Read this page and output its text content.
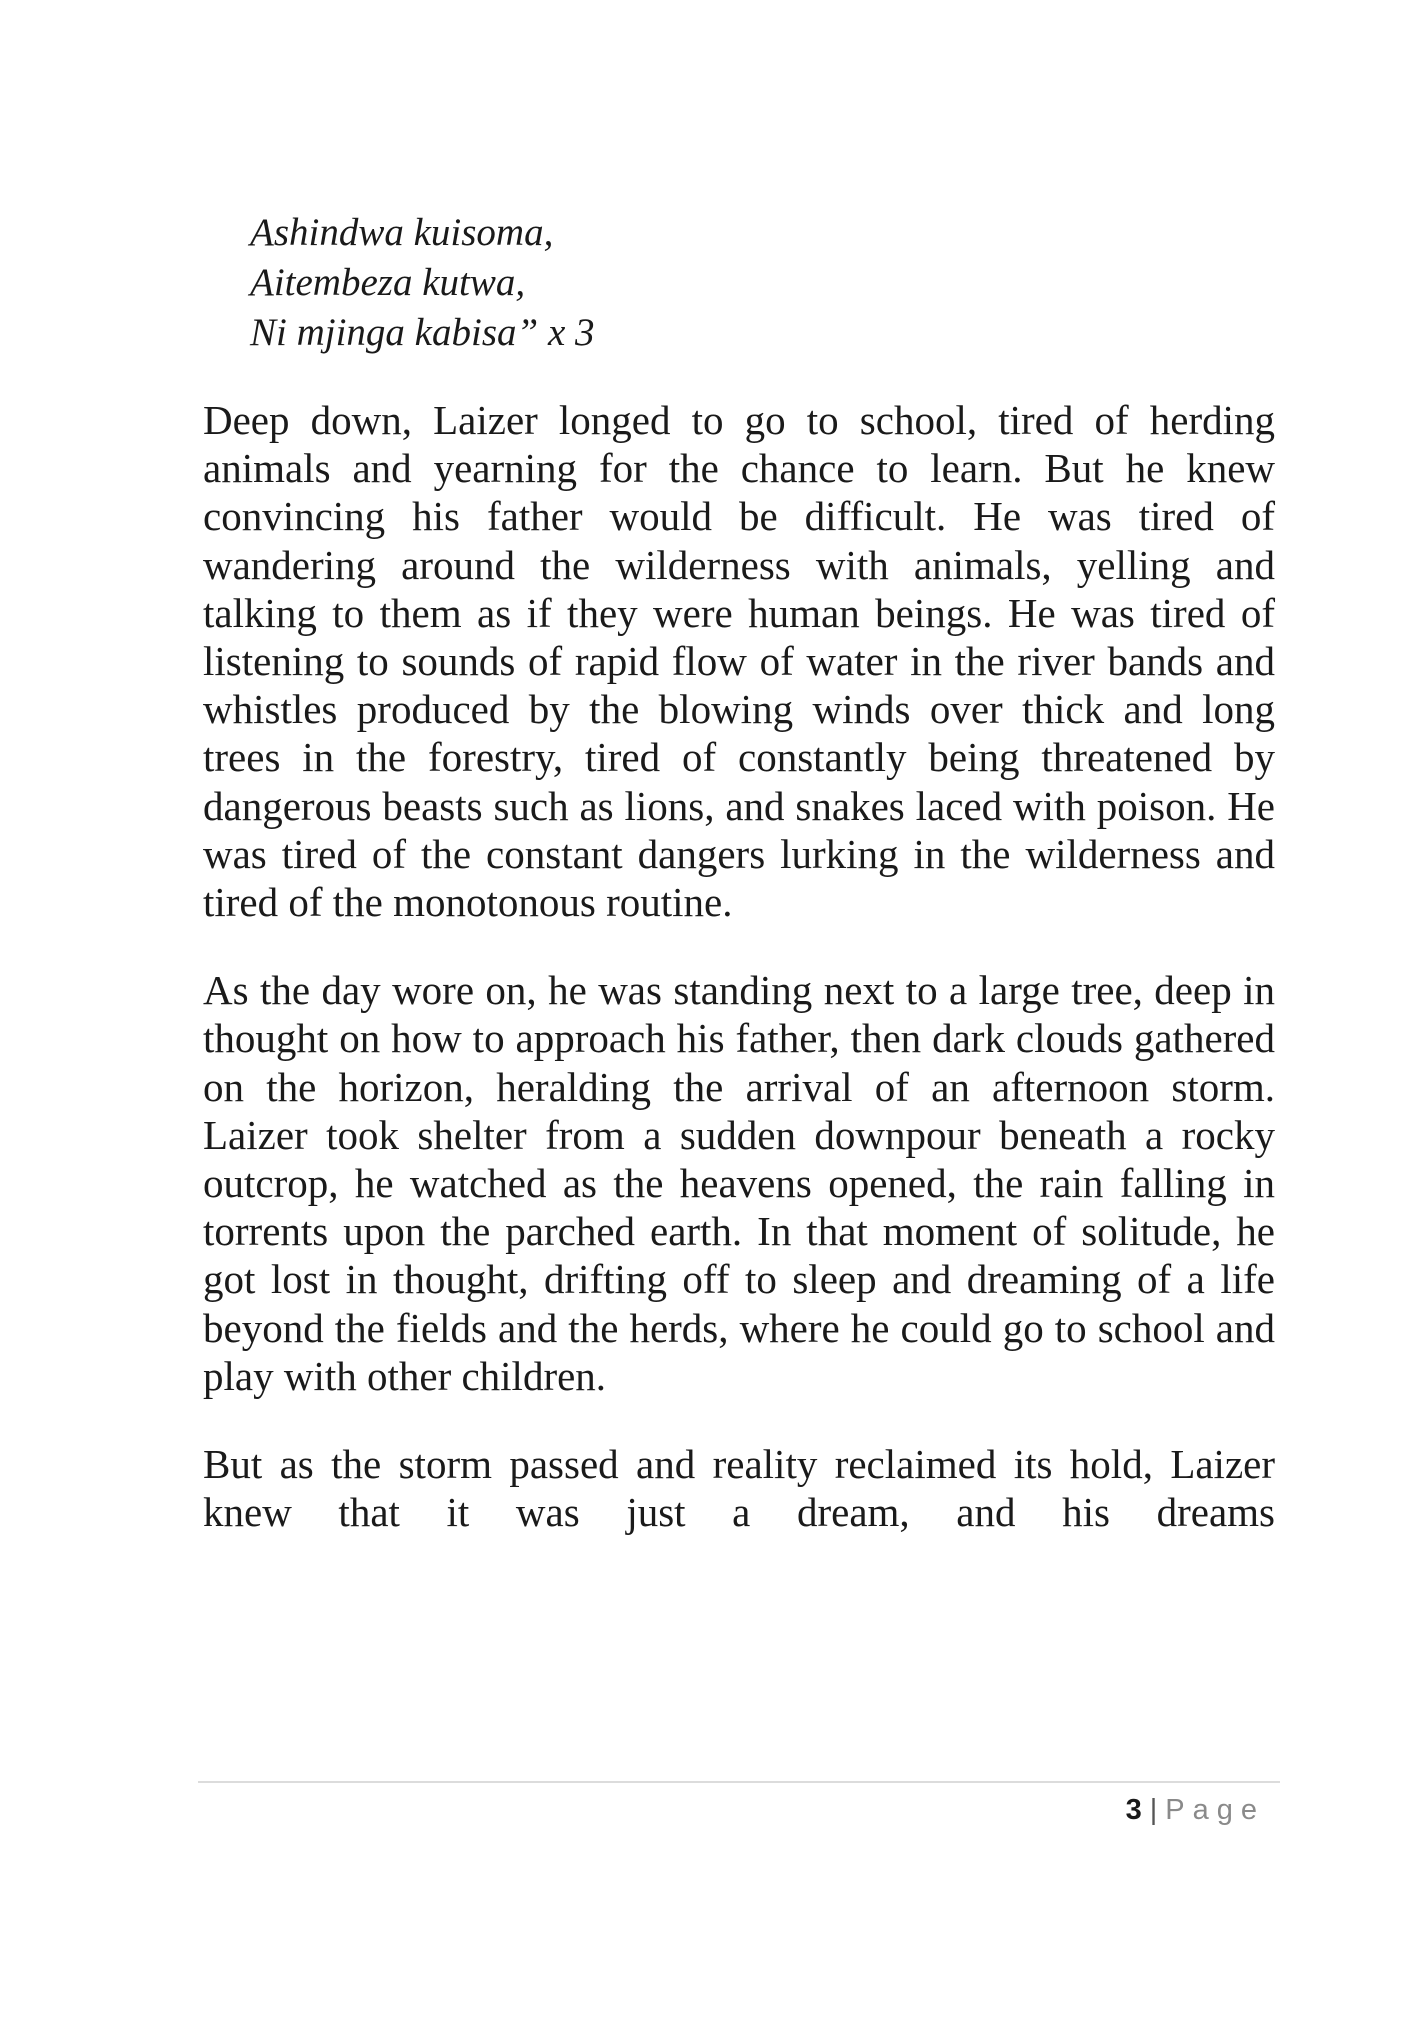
Ashindwa kuisoma,
Aitembeza kutwa,
Ni mjinga kabisa” x 3

Deep down, Laizer longed to go to school, tired of herding animals and yearning for the chance to learn. But he knew convincing his father would be difficult. He was tired of wandering around the wilderness with animals, yelling and talking to them as if they were human beings. He was tired of listening to sounds of rapid flow of water in the river bands and whistles produced by the blowing winds over thick and long trees in the forestry, tired of constantly being threatened by dangerous beasts such as lions, and snakes laced with poison. He was tired of the constant dangers lurking in the wilderness and tired of the monotonous routine.

As the day wore on, he was standing next to a large tree, deep in thought on how to approach his father, then dark clouds gathered on the horizon, heralding the arrival of an afternoon storm. Laizer took shelter from a sudden downpour beneath a rocky outcrop, he watched as the heavens opened, the rain falling in torrents upon the parched earth. In that moment of solitude, he got lost in thought, drifting off to sleep and dreaming of a life beyond the fields and the herds, where he could go to school and play with other children.

But as the storm passed and reality reclaimed its hold, Laizer knew that it was just a dream, and his dreams

3 | Page
